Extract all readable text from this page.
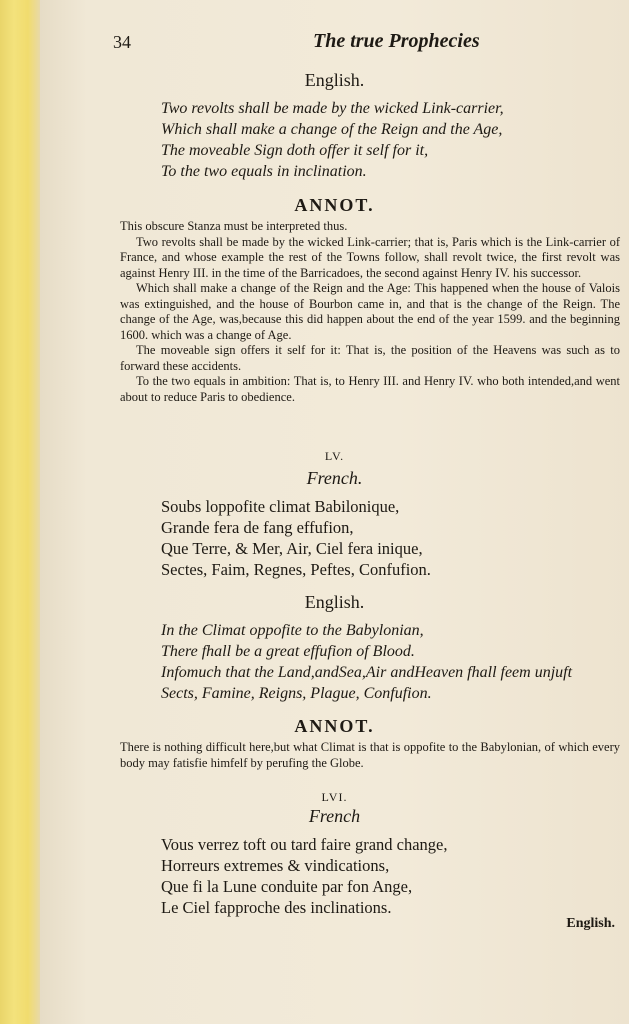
34	The true Prophecies
English.
Two revolts shall be made by the wicked Link-carrier,
Which shall make a change of the Reign and the Age,
The moveable Sign doth offer it self for it,
To the two equals in inclination.
ANNOT.

This obscure Stanza must be interpreted thus.

Two revolts shall be made by the wicked Link-carrier; that is, Paris which is the Link-carrier of France, and whose example the rest of the Towns follow, shall revolt twice, the first revolt was against Henry III. in the time of the Barricadoes, the second against Henry IV. his successor.

Which shall make a change of the Reign and the Age: This happened when the house of Valois was extinguished, and the house of Bourbon came in, and that is the change of the Reign. The change of the Age, was,because this did happen about the end of the year 1599. and the beginning 1600. which was a change of Age.

The moveable sign offers it self for it: That is, the position of the Heavens was such as to forward these accidents.

To the two equals in ambition: That is, to Henry III. and Henry IV. who both intended,and went about to reduce Paris to obedience.

LV.
French.
Soubs loppofite climat Babilonique,
Grande fera de fang effufion,
Que Terre, & Mer, Air, Ciel fera inique,
Sectes, Faim, Regnes, Peftes, Confufion.
English.
In the Climat oppofite to the Babylonian,
There fhall be a great effufion of Blood.
Infomuch that the Land,andSea,Air andHeaven fhall feem unjuft
Sects, Famine, Reigns, Plague, Confufion.
ANNOT.

There is nothing difficult here,but what Climat is that is oppofite to the Babylonian, of which every body may fatisfie himfelf by perufing the Globe.

LVI.
French
Vous verrez toft ou tard faire grand change,
Horreurs extremes & vindications,
Que fi la Lune conduite par fon Ange,
Le Ciel fapproche des inclinations.
English.
